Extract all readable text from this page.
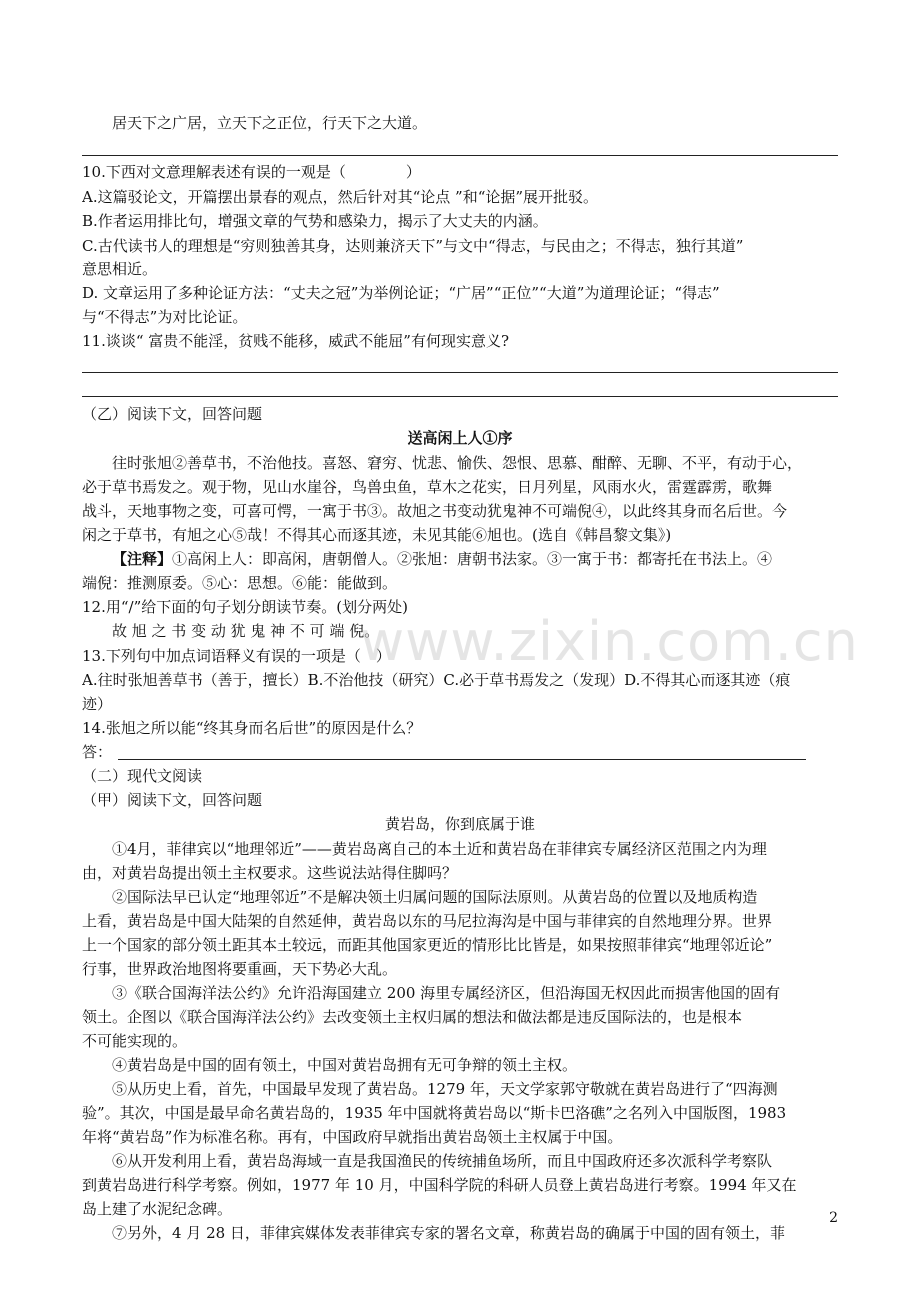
居天下之广居，立天下之正位，行天下之大道。
10.下西对文意理解表述有误的一观是（　　　　）
A.这篇驳论文，开篇摆出景春的观点，然后针对其“论点 ”和“论据”展开批驳。
B.作者运用排比句，增强文章的气势和感染力，揭示了大丈夫的内涵。
C.古代读书人的理想是“穷则独善其身，达则兼济天下”与文中“得志，与民由之；不得志，独行其道”
意思相近。
D. 文章运用了多种论证方法：“丈夫之冠”为举例论证；“广居”“正位”“大道”为道理论证；“得志”
与“不得志”为对比论证。
11.谈谈“ 富贵不能淫，贫贱不能移，威武不能屈”有何现实意义?
（乙）阅读下文，回答问题
送高闲上人①序
往时张旭②善草书，不治他技。喜怒、窘穷、忧悲、愉佚、怨恨、思慕、酣醉、无聊、不平，有动于心，
必于草书焉发之。观于物，见山水崖谷，鸟兽虫鱼，草木之花实，日月列星，风雨水火，雷霆霹雳，歌舞
战斗，天地事物之变，可喜可愕，一寓于书③。故旭之书变动犹鬼神不可端倪④，以此终其身而名后世。今
闲之于草书，有旭之心⑤哉！不得其心而逐其迹，未见其能⑥旭也。(选自《韩昌黎文集》)
【注释】①高闲上人：即高闲，唐朝僧人。②张旭：唐朝书法家。③一寓于书：都寄托在书法上。④
端倪：推测原委。⑤心：思想。⑥能：能做到。
12.用“/”给下面的句子划分朗读节奏。(划分两处)
故 旭 之 书 变 动 犹 鬼 神 不 可 端 倪。
13.下列句中加点词语释义有误的一项是（　）
A.往时张旭善草书（善于，擅长）B.不治他技（研究）C.必于草书焉发之（发现）D.不得其心而逐其迹（痕
迹）
14.张旭之所以能“终其身而名后世”的原因是什么？
答：
（二）现代文阅读
（甲）阅读下文，回答问题
黄岩岛，你到底属于谁
①4月，菲律宾以“地理邻近”——黄岩岛离自己的本土近和黄岩岛在菲律宾专属经济区范围之内为理
由，对黄岩岛提出领土主权要求。这些说法站得住脚吗？
②国际法早已认定“地理邻近”不是解决领土归属问题的国际法原则。从黄岩岛的位置以及地质构造
上看，黄岩岛是中国大陆架的自然延伸，黄岩岛以东的马尼拉海沟是中国与菲律宾的自然地理分界。世界
上一个国家的部分领土距其本土较远，而距其他国家更近的情形比比皆是，如果按照菲律宾“地理邻近论”
行事，世界政治地图将要重画，天下势必大乱。
③《联合国海洋法公约》允许沿海国建立 200 海里专属经济区，但沿海国无权因此而损害他国的固有
领土。企图以《联合国海洋法公约》去改变领土主权归属的想法和做法都是违反国际法的，也是根本
不可能实现的。
④黄岩岛是中国的固有领土，中国对黄岩岛拥有无可争辩的领土主权。
⑤从历史上看，首先，中国最早发现了黄岩岛。1279 年，天文学家郭守敬就在黄岩岛进行了“四海测
验”。其次，中国是最早命名黄岩岛的，1935 年中国就将黄岩岛以“斯卡巴洛礁”之名列入中国版图，1983
年将“黄岩岛”作为标准名称。再有，中国政府早就指出黄岩岛领土主权属于中国。
⑥从开发利用上看，黄岩岛海域一直是我国渔民的传统捕鱼场所，而且中国政府还多次派科学考察队
到黄岩岛进行科学考察。例如，1977 年 10 月，中国科学院的科研人员登上黄岩岛进行考察。1994 年又在
岛上建了水泥纪念碑。
⑦另外，4 月 28 日，菲律宾媒体发表菲律宾专家的署名文章，称黄岩岛的确属于中国的固有领土，菲
2
www.zixin.com.cn
